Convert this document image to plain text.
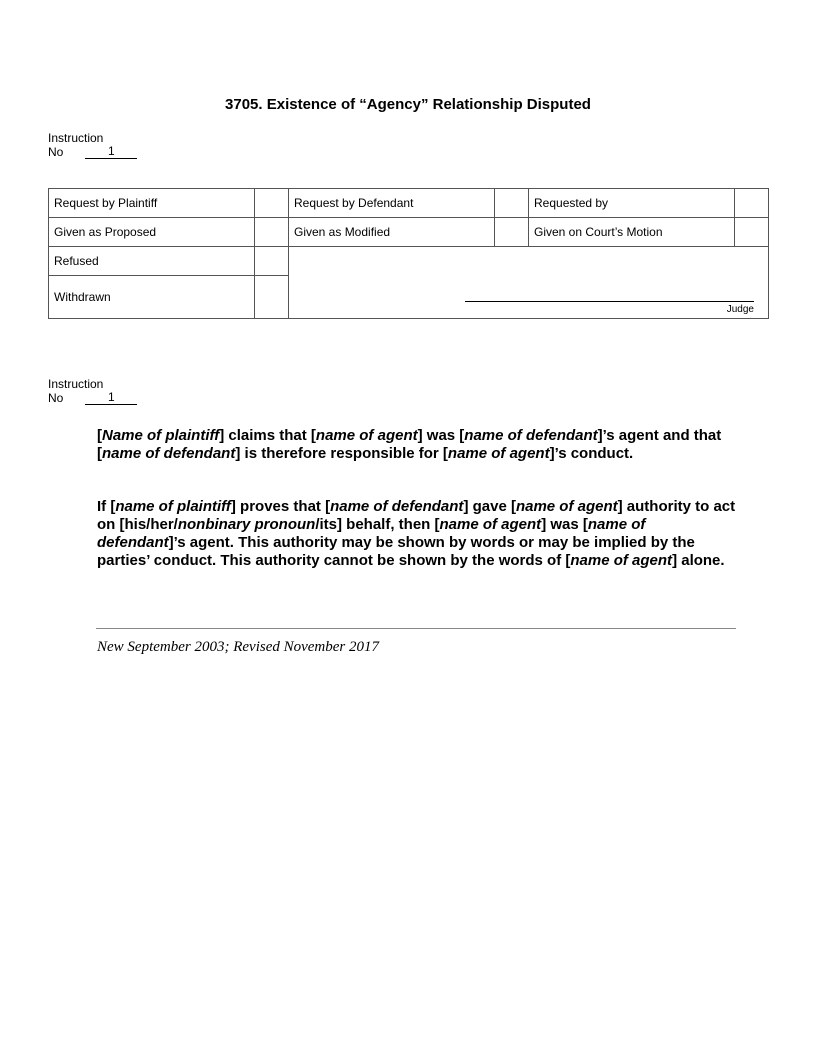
3705. Existence of “Agency” Relationship Disputed
Instruction
No	1
Request by Plaintiff		Request by Defendant		Requested by	
Given as Proposed		Given as Modified		Given on Court’s Motion	
Refused		Judge			

Withdrawn					
Instruction
No	1

[Name of plaintiff] claims that [name of agent] was [name of defendant]’s agent and that [name of defendant] is therefore responsible for [name of agent]’s conduct.

If [name of plaintiff] proves that [name of defendant] gave [name of agent] authority to act on [his/her/nonbinary pronoun/its] behalf, then [name of agent] was [name of defendant]’s agent. This authority may be shown by words or may be implied by the parties’ conduct. This authority cannot be shown by the words of [name of agent] alone.

New September 2003; Revised November 2017
